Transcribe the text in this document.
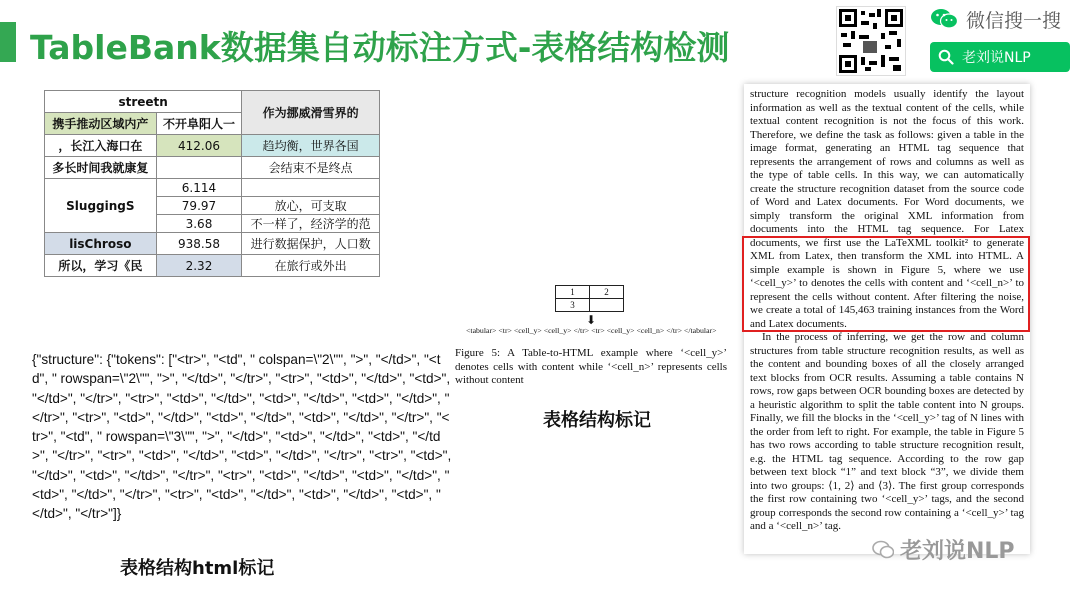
TableBank数据集自动标注方式-表格结构检测
微信搜一搜
老刘说NLP
streetn		作为挪威滑雪界的
携手推动区域内产	不开阜阳人一	
，长江入海口在	412.06	趋均衡，世界各国
多长时间我就康复		会结束不是终点
SluggingS	6.114	
	79.97	放心，可支取
	3.68	不一样了，经济学的范
lisChroso	938.58	进行数据保护，人口数
所以，学习《民	2.32	在旅行或外出
{"structure": {"tokens": ["<tr>", "<td", " colspan=\"2\"", ">", "</td>", "<td", " rowspan=\"2\"", ">", "</td>", "</tr>", "<tr>", "<td>", "</td>", "<td>", "</td>", "</tr>", "<tr>", "<td>", "</td>", "<td>", "</td>", "<td>", "</td>", "</tr>", "<tr>", "<td>", "</td>", "<td>", "</td>", "<td>", "</td>", "</tr>", "<tr>", "<td", " rowspan=\"3\"", ">", "</td>", "<td>", "</td>", "<td>", "</td>", "</tr>", "<tr>", "<td>", "</td>", "<td>", "</td>", "</tr>", "<tr>", "<td>", "</td>", "<td>", "</td>", "</tr>", "<tr>", "<td>", "</td>", "<td>", "</td>", "<td>", "</td>", "</tr>", "<tr>", "<td>", "</td>", "<td>", "</td>", "<td>", "</td>", "</tr>"]}
表格结构html标记
1	2
3	
⬇
<tabular> <tr> <cell_y> <cell_y> </tr> <tr> <cell_y> <cell_n> </tr> </tabular>
Figure 5: A Table-to-HTML example where ‘<cell_y>’ denotes cells with content while ‘<cell_n>’ represents cells without content
表格结构标记

structure recognition models usually identify the layout information as well as the textual content of the cells, while textual content recognition is not the focus of this work. Therefore, we define the task as follows: given a table in the image format, generating an HTML tag sequence that represents the arrangement of rows and columns as well as the type of table cells. In this way, we can automatically create the structure recognition dataset from the source code of Word and Latex documents. For Word documents, we simply transform the original XML information from documents into the HTML tag sequence. For Latex documents, we first use the LaTeXML toolkit² to generate XML from Latex, then transform the XML into HTML. A simple example is shown in Figure 5, where we use ‘<cell_y>’ to denotes the cells with content and ‘<cell_n>’ to represent the cells without content. After filtering the noise, we create a total of 145,463 training instances from the Word and Latex documents.

In the process of inferring, we get the row and column structures from table structure recognition results, as well as the content and bounding boxes of all the closely arranged text blocks from OCR results. Assuming a table contains N rows, row gaps between OCR bounding boxes are detected by a heuristic algorithm to split the table content into N groups. Finally, we fill the blocks in the ‘<cell_y>’ tag of N lines with the order from left to right. For example, the table in Figure 5 has two rows according to table structure recognition result, e.g. the HTML tag sequence. According to the row gap between text block “1” and text block “3”, we divide them into two groups: ⟨1, 2⟩ and ⟨3⟩. The first group corresponds the first row containing two ‘<cell_y>’ tags, and the second group corresponds the second row containing a ‘<cell_y>’ tag and a ‘<cell_n>’ tag.

老刘说NLP
